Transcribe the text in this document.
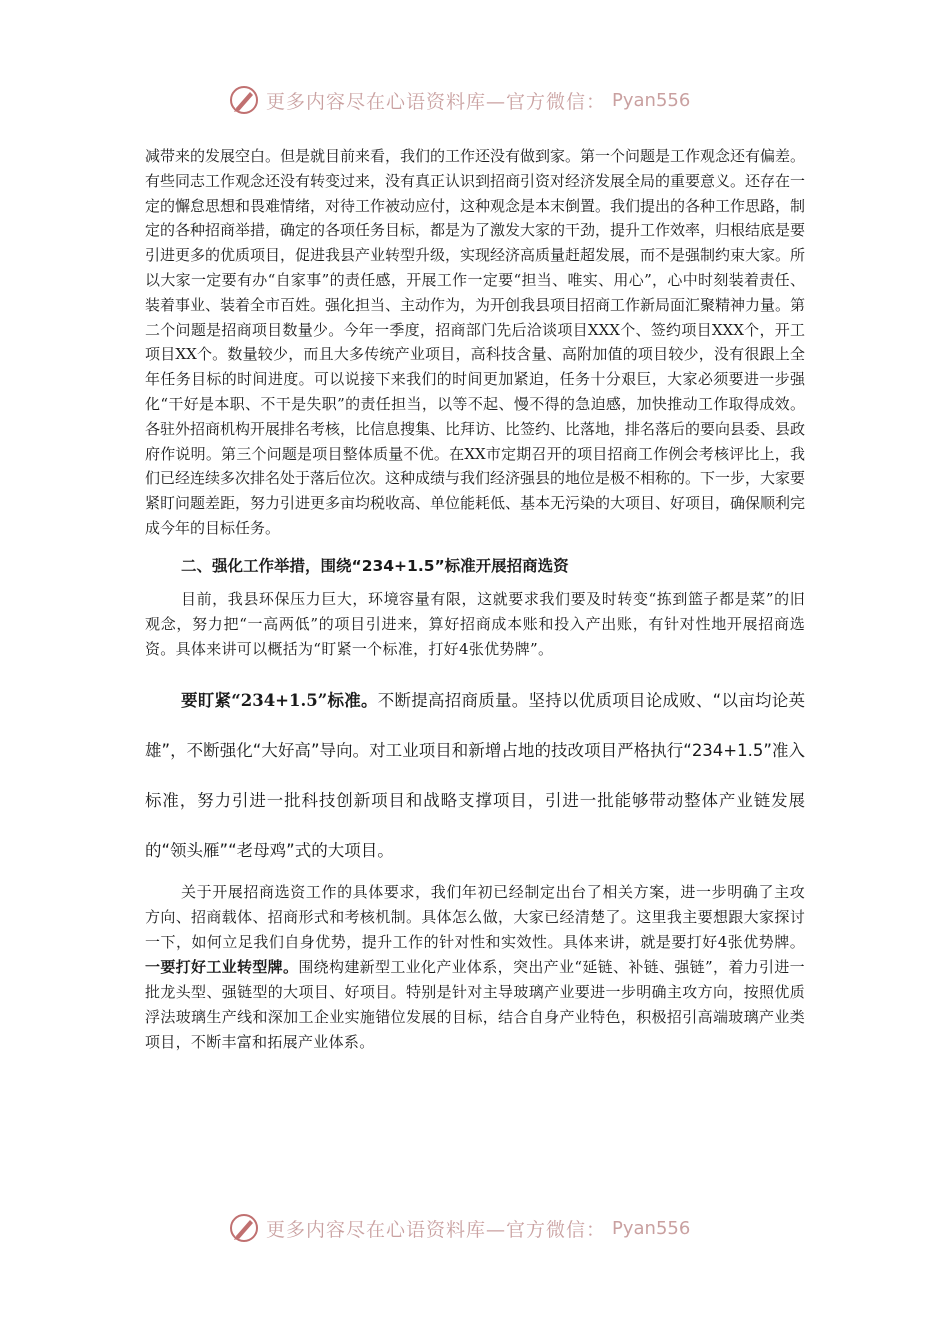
更多内容尽在心语资料库—官方微信： Pyan556

减带来的发展空白。但是就目前来看，我们的工作还没有做到家。第一个问题是工作观念还有偏差。有些同志工作观念还没有转变过来，没有真正认识到招商引资对经济发展全局的重要意义。还存在一定的懈怠思想和畏难情绪，对待工作被动应付，这种观念是本末倒置。我们提出的各种工作思路，制定的各种招商举措，确定的各项任务目标，都是为了激发大家的干劲，提升工作效率，归根结底是要引进更多的优质项目，促进我县产业转型升级，实现经济高质量赶超发展，而不是强制约束大家。所以大家一定要有办“自家事”的责任感，开展工作一定要“担当、唯实、用心”，心中时刻装着责任、装着事业、装着全市百姓。强化担当、主动作为，为开创我县项目招商工作新局面汇聚精神力量。第二个问题是招商项目数量少。今年一季度，招商部门先后洽谈项目XXX个、签约项目XXX个，开工项目XX个。数量较少，而且大多传统产业项目，高科技含量、高附加值的项目较少，没有很跟上全年任务目标的时间进度。可以说接下来我们的时间更加紧迫，任务十分艰巨，大家必须要进一步强化“干好是本职、不干是失职”的责任担当，以等不起、慢不得的急迫感，加快推动工作取得成效。各驻外招商机构开展排名考核，比信息搜集、比拜访、比签约、比落地，排名落后的要向县委、县政府作说明。第三个问题是项目整体质量不优。在XX市定期召开的项目招商工作例会考核评比上，我们已经连续多次排名处于落后位次。这种成绩与我们经济强县的地位是极不相称的。下一步，大家要紧盯问题差距，努力引进更多亩均税收高、单位能耗低、基本无污染的大项目、好项目，确保顺利完成今年的目标任务。

二、强化工作举措，围绕“234+1.5”标准开展招商选资

目前，我县环保压力巨大，环境容量有限，这就要求我们要及时转变“拣到篮子都是菜”的旧观念，努力把“一高两低”的项目引进来，算好招商成本账和投入产出账，有针对性地开展招商选资。具体来讲可以概括为“盯紧一个标准，打好4张优势牌”。

要盯紧“234+1.5”标准。不断提高招商质量。坚持以优质项目论成败、“以亩均论英雄”，不断强化“大好高”导向。对工业项目和新增占地的技改项目严格执行“234+1.5”准入标准，努力引进一批科技创新项目和战略支撑项目，引进一批能够带动整体产业链发展的“领头雁”“老母鸡”式的大项目。

关于开展招商选资工作的具体要求，我们年初已经制定出台了相关方案，进一步明确了主攻方向、招商载体、招商形式和考核机制。具体怎么做，大家已经清楚了。这里我主要想跟大家探讨一下，如何立足我们自身优势，提升工作的针对性和实效性。具体来讲，就是要打好4张优势牌。一要打好工业转型牌。围绕构建新型工业化产业体系，突出产业“延链、补链、强链”，着力引进一批龙头型、强链型的大项目、好项目。特别是针对主导玻璃产业要进一步明确主攻方向，按照优质浮法玻璃生产线和深加工企业实施错位发展的目标，结合自身产业特色，积极招引高端玻璃产业类项目，不断丰富和拓展产业体系。

更多内容尽在心语资料库—官方微信： Pyan556
